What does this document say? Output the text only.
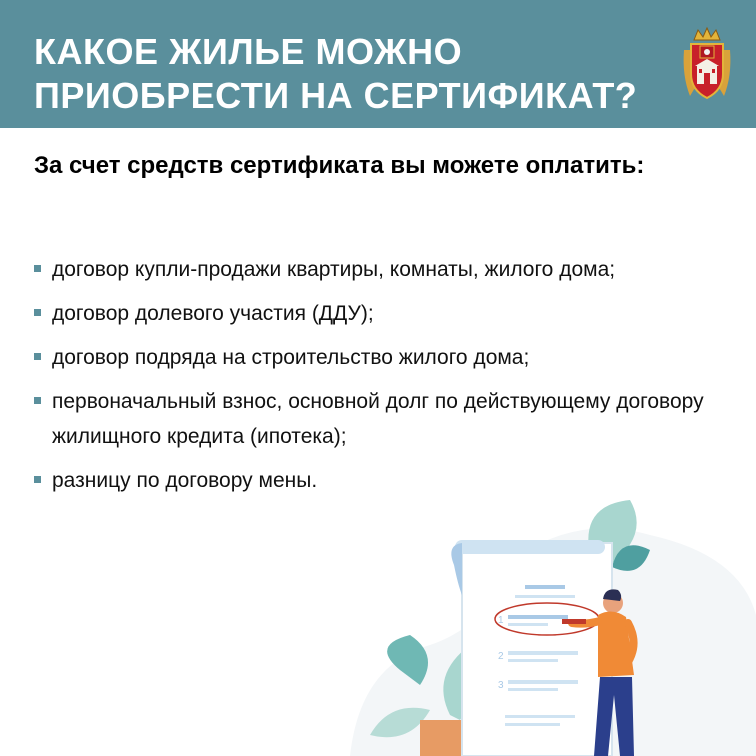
КАКОЕ ЖИЛЬЕ МОЖНО ПРИОБРЕСТИ НА СЕРТИФИКАТ?
За счет средств сертификата вы можете оплатить:
договор купли-продажи квартиры, комнаты, жилого дома;
договор долевого участия (ДДУ);
договор подряда на строительство жилого дома;
первоначальный взнос, основной долг по действующему договору жилищного кредита (ипотека);
разницу по договору мены.
1
2
3
